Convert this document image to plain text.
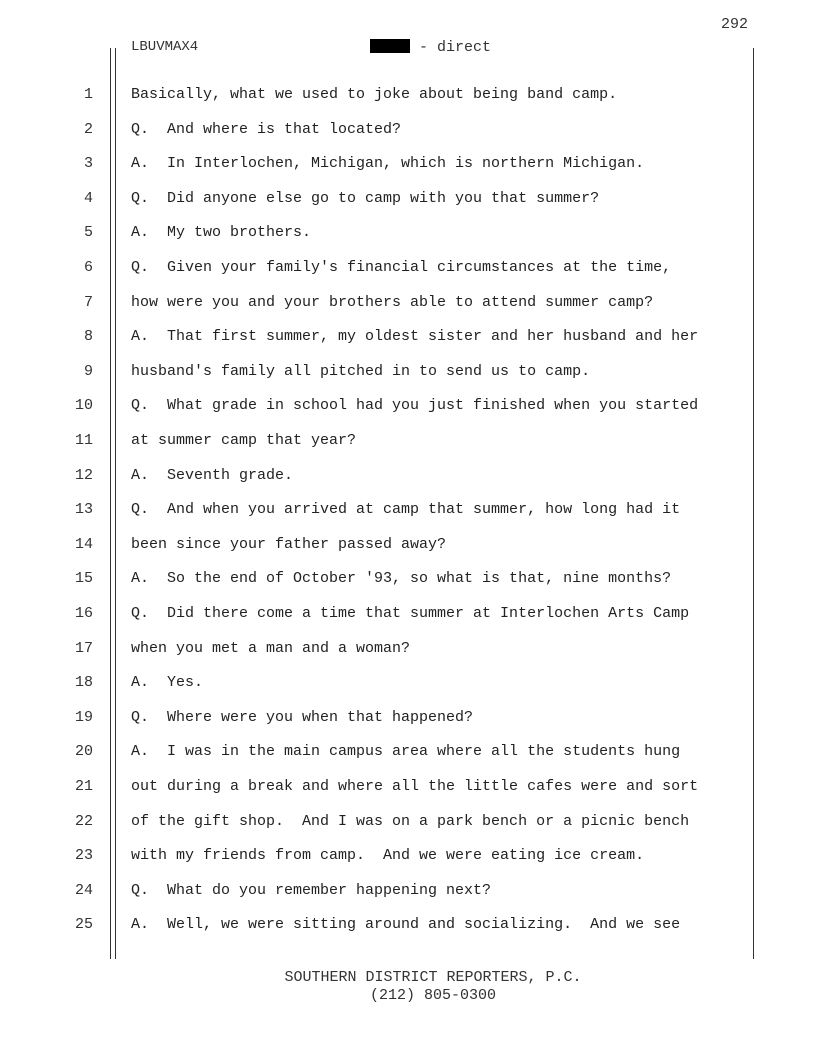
292
LBUVMAX4	- direct
1	Basically, what we used to joke about being band camp.
2	Q.  And where is that located?
3	A.  In Interlochen, Michigan, which is northern Michigan.
4	Q.  Did anyone else go to camp with you that summer?
5	A.  My two brothers.
6	Q.  Given your family's financial circumstances at the time,
7	how were you and your brothers able to attend summer camp?
8	A.  That first summer, my oldest sister and her husband and her
9	husband's family all pitched in to send us to camp.
10	Q.  What grade in school had you just finished when you started
11	at summer camp that year?
12	A.  Seventh grade.
13	Q.  And when you arrived at camp that summer, how long had it
14	been since your father passed away?
15	A.  So the end of October '93, so what is that, nine months?
16	Q.  Did there come a time that summer at Interlochen Arts Camp
17	when you met a man and a woman?
18	A.  Yes.
19	Q.  Where were you when that happened?
20	A.  I was in the main campus area where all the students hung
21	out during a break and where all the little cafes were and sort
22	of the gift shop.  And I was on a park bench or a picnic bench
23	with my friends from camp.  And we were eating ice cream.
24	Q.  What do you remember happening next?
25	A.  Well, we were sitting around and socializing.  And we see
SOUTHERN DISTRICT REPORTERS, P.C.
(212) 805-0300
